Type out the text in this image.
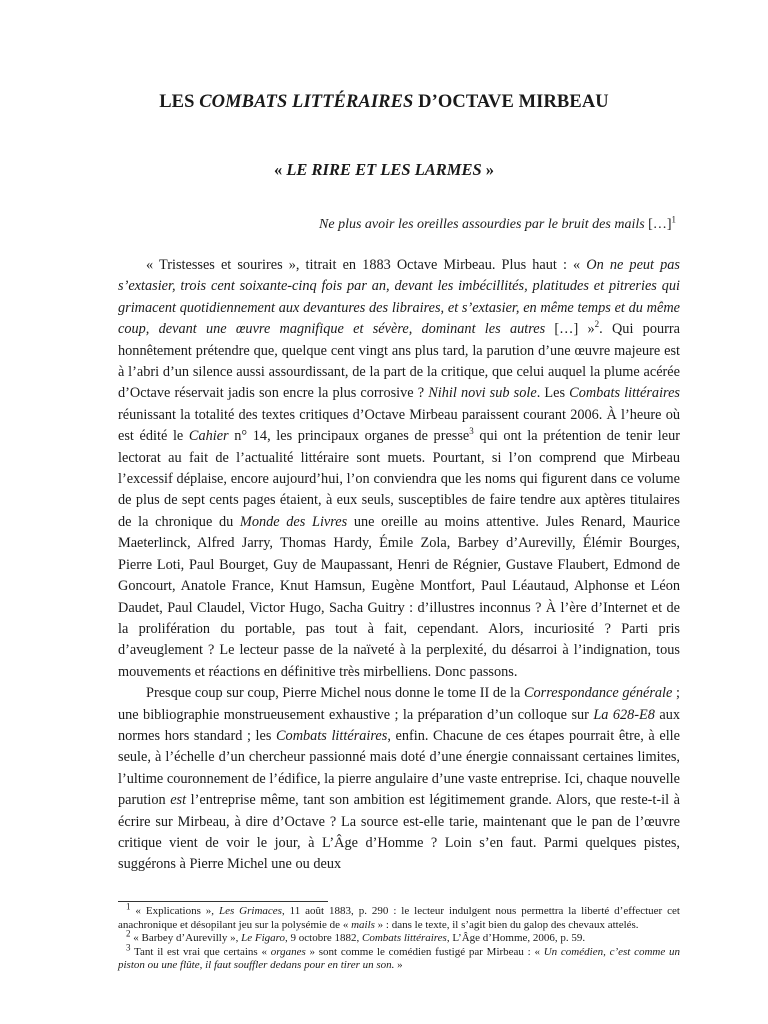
LES COMBATS LITTÉRAIRES D’OCTAVE MIRBEAU
« LE RIRE ET LES LARMES »
Ne plus avoir les oreilles assourdies par le bruit des mails […]$^1$

« Tristesses et sourires », titrait en 1883 Octave Mirbeau. Plus haut : « On ne peut pas s’extasier, trois cent soixante-cinq fois par an, devant les imbécillités, platitudes et pitreries qui grimacent quotidiennement aux devantures des libraires, et s’extasier, en même temps et du même coup, devant une œuvre magnifique et sévère, dominant les autres […] »$^2$. Qui pourra honnêtement prétendre que, quelque cent vingt ans plus tard, la parution d’une œuvre majeure est à l’abri d’un silence aussi assourdissant, de la part de la critique, que celui auquel la plume acérée d’Octave réservait jadis son encre la plus corrosive ? Nihil novi sub sole. Les Combats littéraires réunissant la totalité des textes critiques d’Octave Mirbeau paraissent courant 2006. À l’heure où est édité le Cahier n° 14, les principaux organes de presse$^3$ qui ont la prétention de tenir leur lectorat au fait de l’actualité littéraire sont muets. Pourtant, si l’on comprend que Mirbeau l’excessif déplaise, encore aujourd’hui, l’on conviendra que les noms qui figurent dans ce volume de plus de sept cents pages étaient, à eux seuls, susceptibles de faire tendre aux aptères titulaires de la chronique du Monde des Livres une oreille au moins attentive. Jules Renard, Maurice Maeterlinck, Alfred Jarry, Thomas Hardy, Émile Zola, Barbey d’Aurevilly, Élémir Bourges, Pierre Loti, Paul Bourget, Guy de Maupassant, Henri de Régnier, Gustave Flaubert, Edmond de Goncourt, Anatole France, Knut Hamsun, Eugène Montfort, Paul Léautaud, Alphonse et Léon Daudet, Paul Claudel, Victor Hugo, Sacha Guitry : d’illustres inconnus ? À l’ère d’Internet et de la prolifération du portable, pas tout à fait, cependant. Alors, incuriosité ? Parti pris d’aveuglement ? Le lecteur passe de la naïveté à la perplexité, du désarroi à l’indignation, tous mouvements et réactions en définitive très mirbelliens. Donc passons.

Presque coup sur coup, Pierre Michel nous donne le tome II de la Correspondance générale ; une bibliographie monstrueusement exhaustive ; la préparation d’un colloque sur La 628-E8 aux normes hors standard ; les Combats littéraires, enfin. Chacune de ces étapes pourrait être, à elle seule, à l’échelle d’un chercheur passionné mais doté d’une énergie connaissant certaines limites, l’ultime couronnement de l’édifice, la pierre angulaire d’une vaste entreprise. Ici, chaque nouvelle parution est l’entreprise même, tant son ambition est légitimement grande. Alors, que reste-t-il à écrire sur Mirbeau, à dire d’Octave ? La source est-elle tarie, maintenant que le pan de l’œuvre critique vient de voir le jour, à L’Âge d’Homme ? Loin s’en faut. Parmi quelques pistes, suggérons à Pierre Michel une ou deux

$^1$ « Explications », Les Grimaces, 11 août 1883, p. 290 : le lecteur indulgent nous permettra la liberté d’effectuer cet anachronique et désopilant jeu sur la polysémie de « mails » : dans le texte, il s’agit bien du galop des chevaux attelés.

$^2$ « Barbey d’Aurevilly », Le Figaro, 9 octobre 1882, Combats littéraires, L’Âge d’Homme, 2006, p. 59.

$^3$ Tant il est vrai que certains « organes » sont comme le comédien fustigé par Mirbeau : « Un comédien, c’est comme un piston ou une flûte, il faut souffler dedans pour en tirer un son. »
